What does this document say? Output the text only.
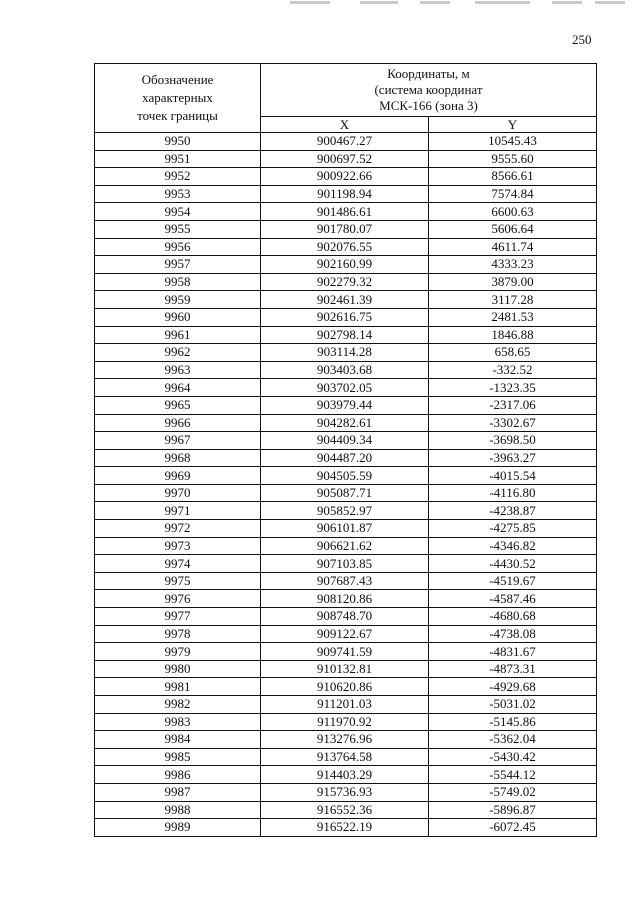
250
Обозначение
характерных
точек границы	Координаты, м
(система координат
МСК-166 (зона 3)	
	X	Y
9950	900467.27	10545.43
9951	900697.52	9555.60
9952	900922.66	8566.61
9953	901198.94	7574.84
9954	901486.61	6600.63
9955	901780.07	5606.64
9956	902076.55	4611.74
9957	902160.99	4333.23
9958	902279.32	3879.00
9959	902461.39	3117.28
9960	902616.75	2481.53
9961	902798.14	1846.88
9962	903114.28	658.65
9963	903403.68	-332.52
9964	903702.05	-1323.35
9965	903979.44	-2317.06
9966	904282.61	-3302.67
9967	904409.34	-3698.50
9968	904487.20	-3963.27
9969	904505.59	-4015.54
9970	905087.71	-4116.80
9971	905852.97	-4238.87
9972	906101.87	-4275.85
9973	906621.62	-4346.82
9974	907103.85	-4430.52
9975	907687.43	-4519.67
9976	908120.86	-4587.46
9977	908748.70	-4680.68
9978	909122.67	-4738.08
9979	909741.59	-4831.67
9980	910132.81	-4873.31
9981	910620.86	-4929.68
9982	911201.03	-5031.02
9983	911970.92	-5145.86
9984	913276.96	-5362.04
9985	913764.58	-5430.42
9986	914403.29	-5544.12
9987	915736.93	-5749.02
9988	916552.36	-5896.87
9989	916522.19	-6072.45
